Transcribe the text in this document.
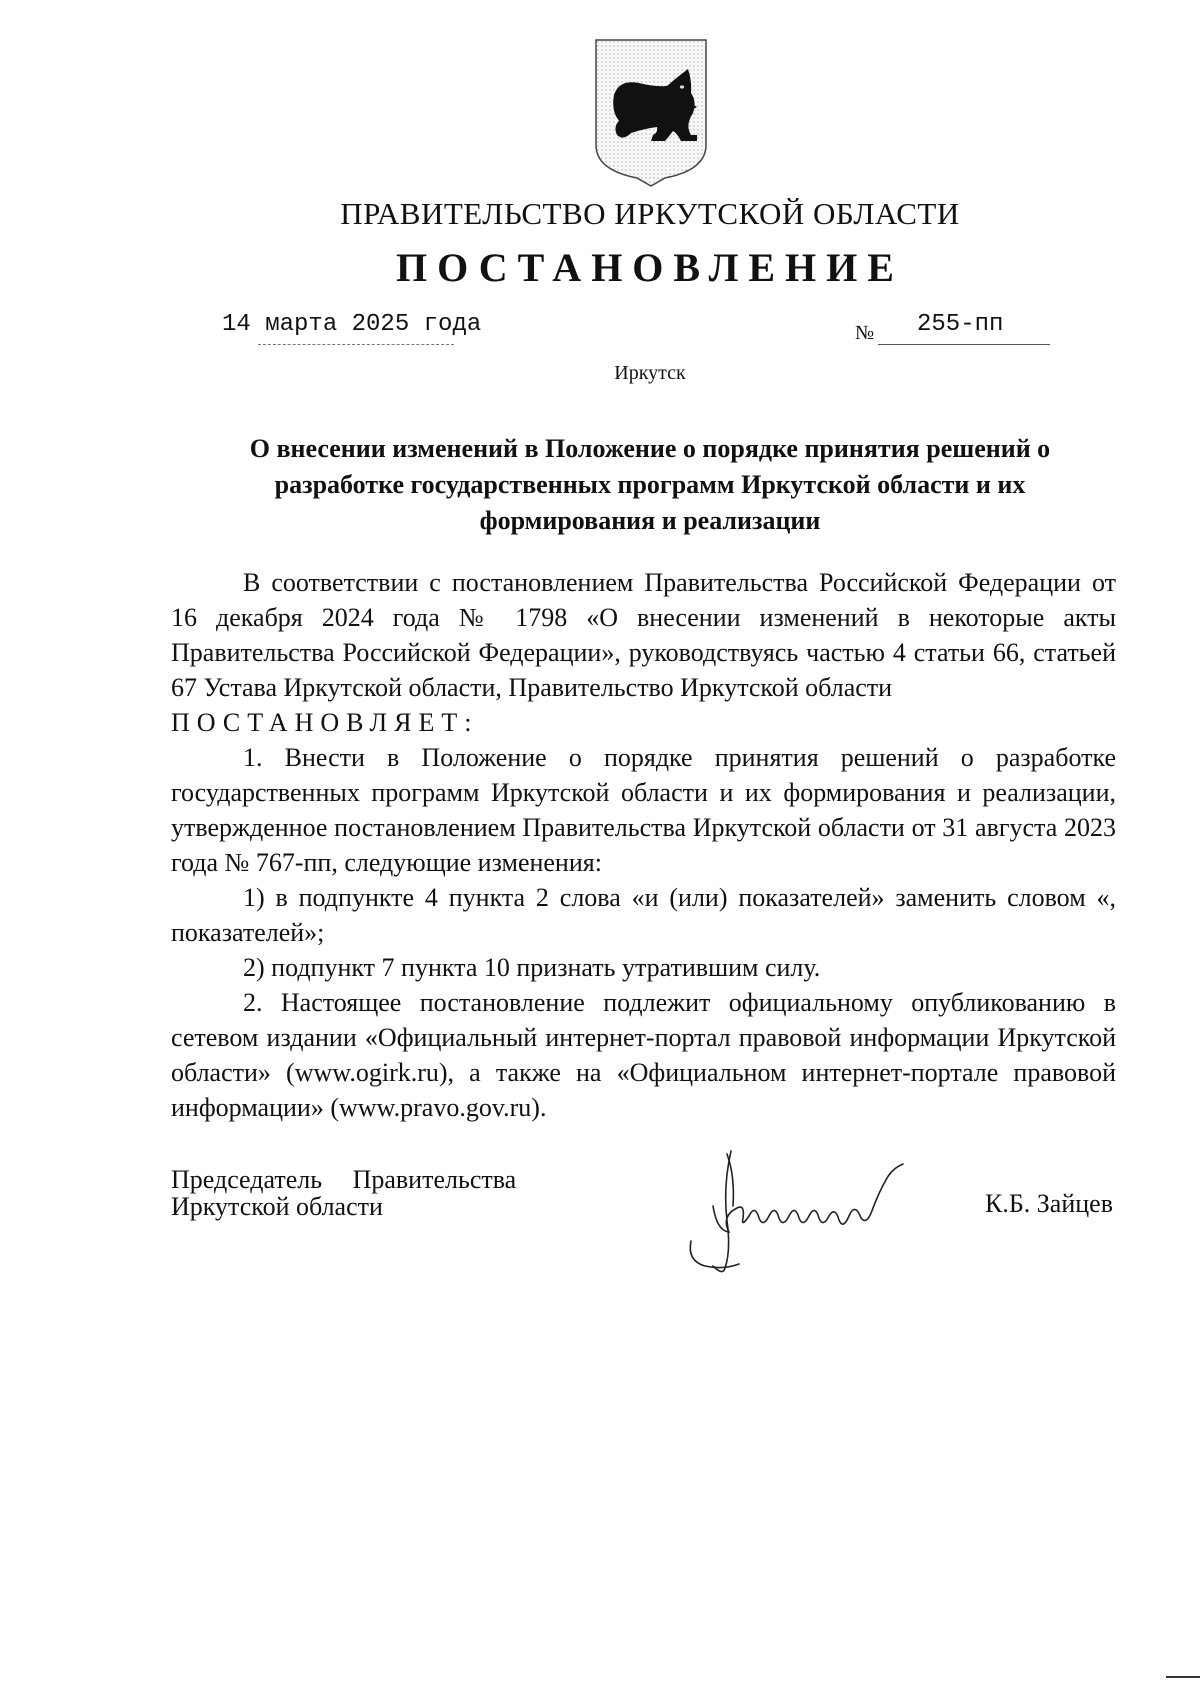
ПРАВИТЕЛЬСТВО ИРКУТСКОЙ ОБЛАСТИ
ПОСТАНОВЛЕНИЕ
14 марта 2025 года	№ 255-пп
Иркутск
О внесении изменений в Положение о порядке принятия решений о разработке государственных программ Иркутской области и их формирования и реализации

В соответствии с постановлением Правительства Российской Федерации от 16 декабря 2024 года № 1798 «О внесении изменений в некоторые акты Правительства Российской Федерации», руководствуясь частью 4 статьи 66, статьей 67 Устава Иркутской области, Правительство Иркутской области

ПОСТАНОВЛЯЕТ:

1. Внести в Положение о порядке принятия решений о разработке государственных программ Иркутской области и их формирования и реализации, утвержденное постановлением Правительства Иркутской области от 31 августа 2023 года № 767-пп, следующие изменения:

1) в подпункте 4 пункта 2 слова «и (или) показателей» заменить словом «, показателей»;

2) подпункт 7 пункта 10 признать утратившим силу.

2. Настоящее постановление подлежит официальному опубликованию в сетевом издании «Официальный интернет-портал правовой информации Иркутской области» (www.ogirk.ru), а также на «Официальном интернет-портале правовой информации» (www.pravo.gov.ru).

Председатель Правительства
Иркутской области	К.Б. Зайцев
